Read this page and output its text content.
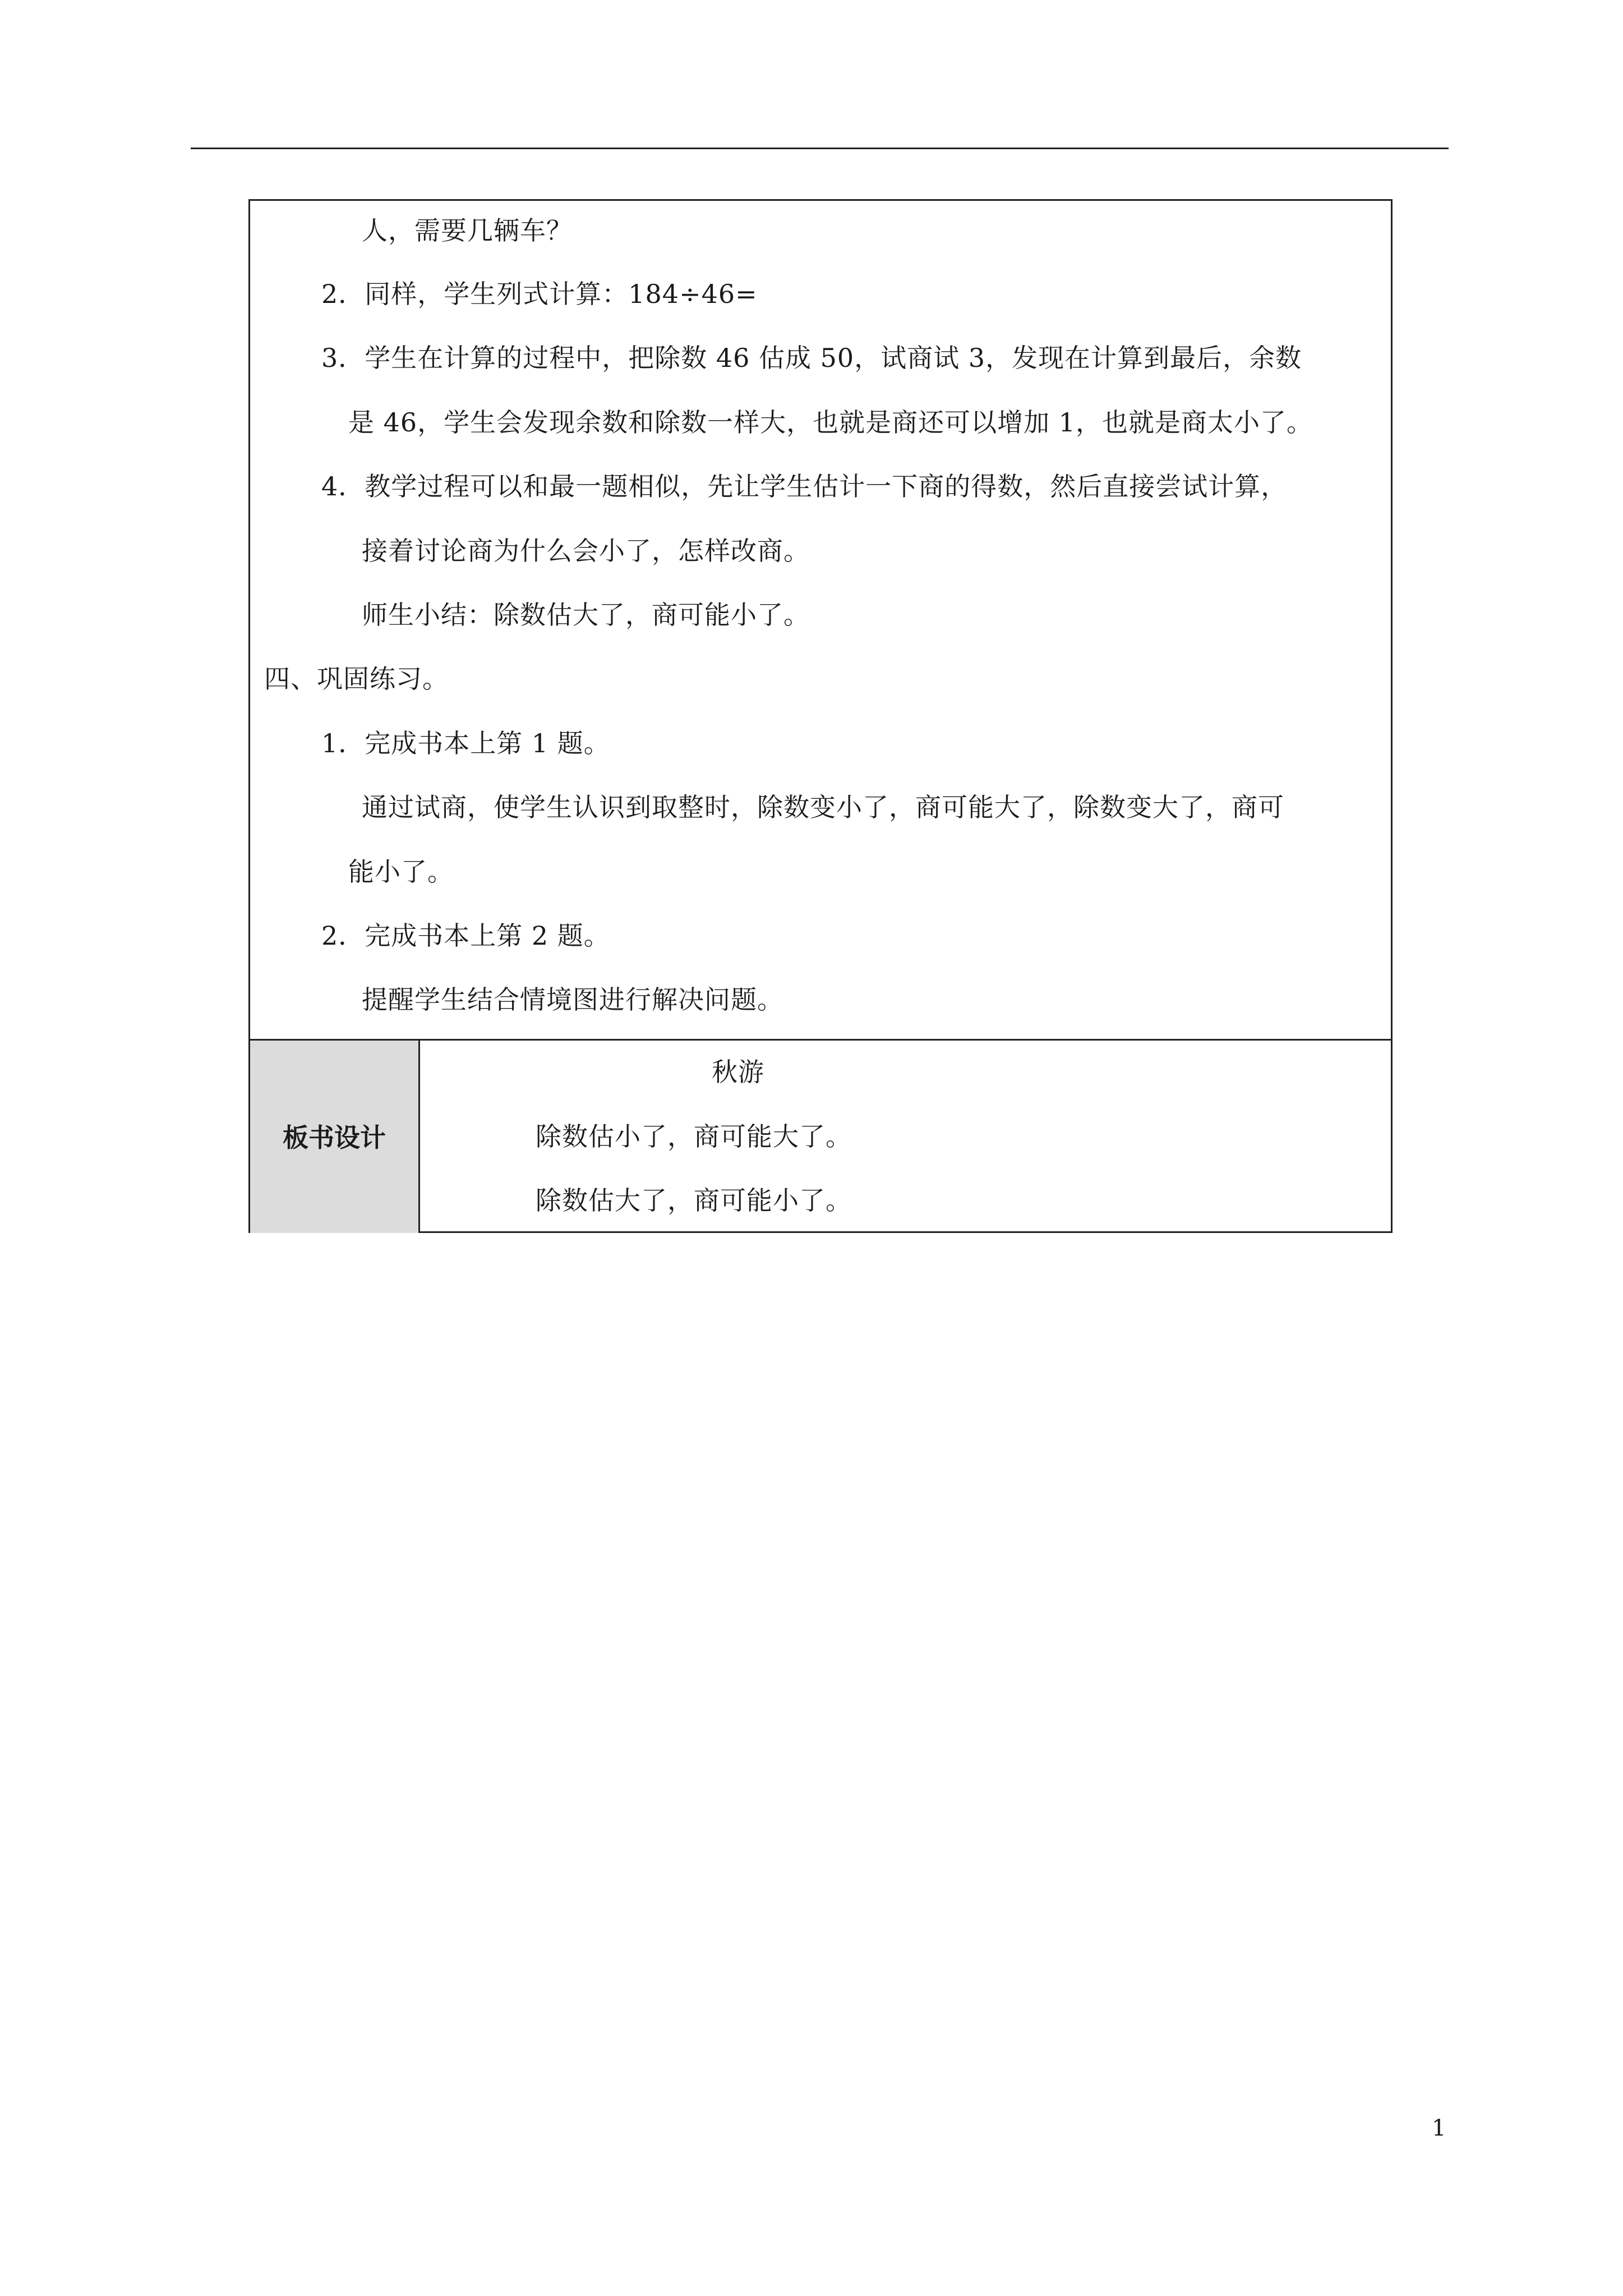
人，需要几辆车？
2．同样，学生列式计算：184÷46=
3．学生在计算的过程中，把除数 46 估成 50，试商试 3，发现在计算到最后，余数
是 46，学生会发现余数和除数一样大，也就是商还可以增加 1，也就是商太小了。
4．教学过程可以和最一题相似，先让学生估计一下商的得数，然后直接尝试计算，
接着讨论商为什么会小了，怎样改商。
师生小结：除数估大了，商可能小了。
四、巩固练习。
1．完成书本上第 1 题。
通过试商，使学生认识到取整时，除数变小了，商可能大了，除数变大了，商可
能小了。
2．完成书本上第 2 题。
提醒学生结合情境图进行解决问题。
板书设计
秋游
除数估小了，商可能大了。
除数估大了，商可能小了。
1
